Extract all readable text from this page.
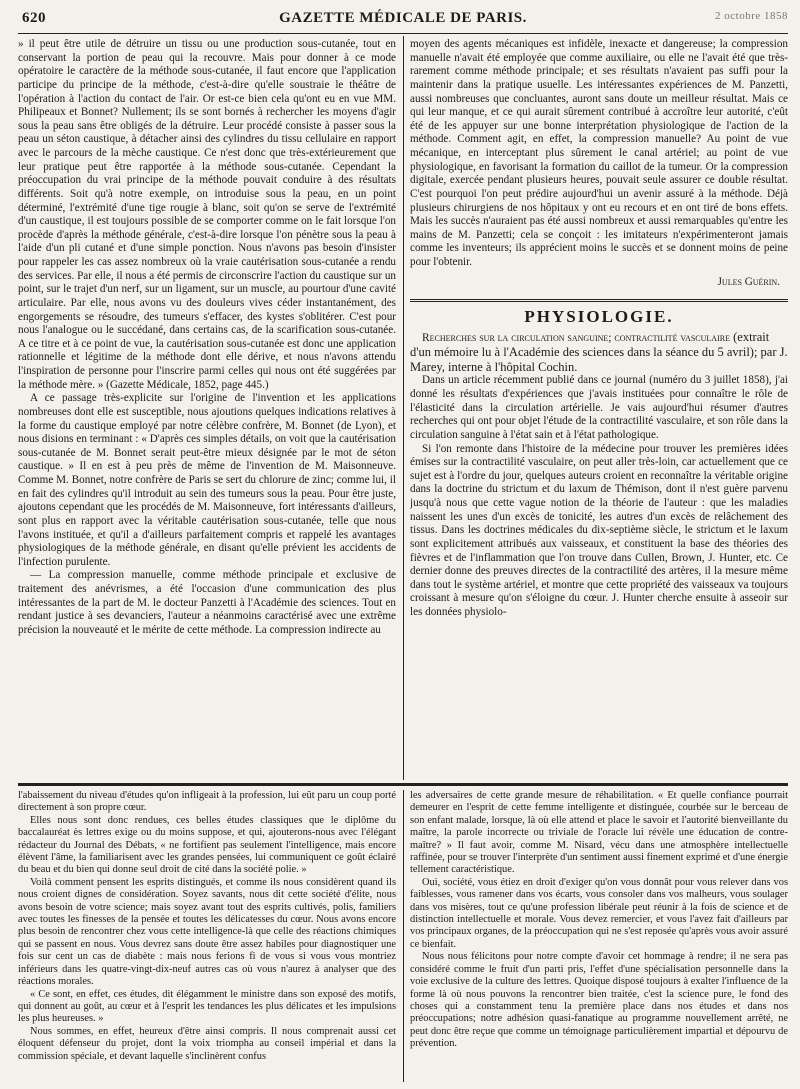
620	GAZETTE MÉDICALE DE PARIS.	2 octobre 1858

» il peut être utile de détruire un tissu ou une production sous-cutanée, tout en conservant la portion de peau qui la recouvre. Mais pour donner à ce mode opératoire le caractère de la méthode sous-cutanée, il faut encore que l'application participe du principe de la méthode, c'est-à-dire qu'elle soustraie le théâtre de l'opération à l'action du contact de l'air. Or est-ce bien cela qu'ont eu en vue MM. Philipeaux et Bonnet? Nullement; ils se sont bornés à rechercher les moyens d'agir sous la peau sans être obligés de la détruire. Leur procédé consiste à passer sous la peau un séton caustique, à détacher ainsi des cylindres du tissu cellulaire en rapport avec le parcours de la mèche caustique. Ce n'est donc que très-extérieurement que leur pratique peut être rapportée à la méthode sous-cutanée. Cependant la préoccupation du vrai principe de la méthode pouvait conduire à des résultats différents. Soit qu'à notre exemple, on introduise sous la peau, en un point déterminé, l'extrémité d'une tige rougie à blanc, soit qu'on se serve de l'extrémité d'un caustique, il est toujours possible de se comporter comme on le fait lorsque l'on procède d'après la méthode générale, c'est-à-dire lorsque l'on pénètre sous la peau à l'aide d'un pli cutané et d'une simple ponction. Nous n'avons pas besoin d'insister pour rappeler les cas assez nombreux où la vraie cautérisation sous-cutanée a rendu des services. Par elle, il nous a été permis de circonscrire l'action du caustique sur un point, sur le trajet d'un nerf, sur un ligament, sur un muscle, au pourtour d'une cavité articulaire. Par elle, nous avons vu des douleurs vives céder instantanément, des engorgements se résoudre, des tumeurs s'effacer, des kystes s'oblitérer. C'est pour nous l'analogue ou le succédané, dans certains cas, de la scarification sous-cutanée. A ce titre et à ce point de vue, la cautérisation sous-cutanée est donc une application rationnelle et légitime de la méthode dont elle dérive, et nous n'avons attendu l'inspiration de personne pour l'inscrire parmi celles qui nous ont été suggérées par la méthode mère. » (Gazette Médicale, 1852, page 445.)

A ce passage très-explicite sur l'origine de l'invention et les applications nombreuses dont elle est susceptible, nous ajoutions quelques indications relatives à la forme du caustique employé par notre célèbre confrère, M. Bonnet (de Lyon), et nous disions en terminant : « D'après ces simples détails, on voit que la cautérisation sous-cutanée de M. Bonnet serait peut-être mieux désignée par le mot de séton caustique. » Il en est à peu près de même de l'invention de M. Maisonneuve. Comme M. Bonnet, notre confrère de Paris se sert du chlorure de zinc; comme lui, il en fait des cylindres qu'il introduit au sein des tumeurs sous la peau. Pour être juste, ajoutons cependant que les procédés de M. Maisonneuve, fort intéressants d'ailleurs, sont plus en rapport avec la véritable cautérisation sous-cutanée, telle que nous l'avons instituée, et qu'il a d'ailleurs parfaitement compris et rappelé les avantages physiologiques de la méthode générale, en disant qu'elle prévient les accidents de l'infection purulente.

— La compression manuelle, comme méthode principale et exclusive de traitement des anévrismes, a été l'occasion d'une communication des plus intéressantes de la part de M. le docteur Panzetti à l'Académie des sciences. Tout en rendant justice à ses devanciers, l'auteur a néanmoins caractérisé avec une extrême précision la nouveauté et le mérite de cette méthode. La compression indirecte au

moyen des agents mécaniques est infidèle, inexacte et dangereuse; la compression manuelle n'avait été employée que comme auxiliaire, ou elle ne l'avait été que très-rarement comme méthode principale; et ses résultats n'avaient pas suffi pour la maintenir dans la pratique usuelle. Les intéressantes expériences de M. Panzetti, aussi nombreuses que concluantes, auront sans doute un meilleur résultat. Mais ce qui leur manque, et ce qui aurait sûrement contribué à accroître leur autorité, c'eût été de les appuyer sur une bonne interprétation physiologique de l'action de la méthode. Comment agit, en effet, la compression manuelle? Au point de vue mécanique, en interceptant plus sûrement le canal artériel; au point de vue physiologique, en favorisant la formation du caillot de la tumeur. Or la compression digitale, exercée pendant plusieurs heures, pouvait seule assurer ce double résultat. C'est pourquoi l'on peut prédire aujourd'hui un avenir assuré à la méthode. Déjà plusieurs chirurgiens de nos hôpitaux y ont eu recours et en ont tiré de bons effets. Mais les succès n'auraient pas été aussi nombreux et aussi remarquables qu'entre les mains de M. Panzetti; cela se conçoit : les imitateurs n'expérimenteront jamais comme les inventeurs; ils apprécient moins le succès et se donnent moins de peine pour l'obtenir.

Jules Guérin.

PHYSIOLOGIE.

Recherches sur la circulation sanguine; contractilité vasculaire (extrait d'un mémoire lu à l'Académie des sciences dans la séance du 5 avril); par J. Marey, interne à l'hôpital Cochin.

Dans un article récemment publié dans ce journal (numéro du 3 juillet 1858), j'ai donné les résultats d'expériences que j'avais instituées pour connaître le rôle de l'élasticité dans la circulation artérielle. Je vais aujourd'hui résumer d'autres recherches qui ont pour objet l'étude de la contractilité vasculaire, et son rôle dans la circulation sanguine à l'état sain et à l'état pathologique.

Si l'on remonte dans l'histoire de la médecine pour trouver les premières idées émises sur la contractilité vasculaire, on peut aller très-loin, car actuellement que ce sujet est à l'ordre du jour, quelques auteurs croient en reconnaître la véritable origine dans la doctrine du strictum et du laxum de Thémison, dont il n'est guère parvenu jusqu'à nous que cette vague notion de la théorie de l'auteur : que les maladies naissent les unes d'un excès de tonicité, les autres d'un excès de relâchement des tissus. Dans les doctrines médicales du dix-septième siècle, le strictum et le laxum sont explicitement attribués aux vaisseaux, et constituent la base des théories des fièvres et de l'inflammation que l'on trouve dans Cullen, Brown, J. Hunter, etc. Ce dernier donne des preuves directes de la contractilité des artères, il la mesure même dans tout le système artériel, et montre que cette propriété des vaisseaux va toujours croissant à mesure qu'on s'éloigne du cœur. J. Hunter cherche ensuite à asseoir sur les données physiolo-

l'abaissement du niveau d'études qu'on infligeait à la profession, lui eût paru un coup porté directement à son propre cœur.

Elles nous sont donc rendues, ces belles études classiques que le diplôme du baccalauréat ès lettres exige ou du moins suppose, et qui, ajouterons-nous avec l'élégant rédacteur du Journal des Débats, « ne fortifient pas seulement l'intelligence, mais encore élèvent l'âme, la familiarisent avec les grandes pensées, lui communiquent ce goût éclairé du beau et du bien qui donne seul droit de cité dans la société polie. »

Voilà comment pensent les esprits distingués, et comme ils nous considèrent quand ils nous croient dignes de considération. Soyez savants, nous dit cette société d'élite, nous avons besoin de votre science; mais soyez avant tout des esprits cultivés, polis, familiers avec toutes les finesses de la pensée et toutes les délicatesses du cœur. Nous avons encore plus besoin de rencontrer chez vous cette intelligence-là que celle des réactions chimiques qui se passent en nous. Vous devrez sans doute être assez habiles pour diagnostiquer une fois sur cent un cas de diabète : mais nous ferions fi de vous si vous vous montriez inférieurs dans les quatre-vingt-dix-neuf autres cas où vous n'aurez à analyser que des réactions morales.

« Ce sont, en effet, ces études, dit élégamment le ministre dans son exposé des motifs, qui donnent au goût, au cœur et à l'esprit les tendances les plus délicates et les impulsions les plus heureuses. »

Nous sommes, en effet, heureux d'être ainsi compris. Il nous comprenait aussi cet éloquent défenseur du projet, dont la voix triompha au conseil impérial et dans la commission spéciale, et devant laquelle s'inclinèrent confus

les adversaires de cette grande mesure de réhabilitation. « Et quelle confiance pourrait demeurer en l'esprit de cette femme intelligente et distinguée, courbée sur le berceau de son enfant malade, lorsque, là où elle attend et place le savoir et l'autorité bienveillante du maître, la parole incorrecte ou triviale de l'oracle lui révèle une éducation de contre-maître? » Il faut avoir, comme M. Nisard, vécu dans une atmosphère intellectuelle raffinée, pour se trouver l'interprète d'un sentiment aussi finement exprimé et d'une énergie tellement caractéristique.

Oui, société, vous étiez en droit d'exiger qu'on vous donnât pour vous relever dans vos faiblesses, vous ramener dans vos écarts, vous consoler dans vos malheurs, vous soulager dans vos misères, tout ce qu'une profession libérale peut réunir à la fois de science et de distinction intellectuelle et morale. Vous devez remercier, et vous l'avez fait d'ailleurs par vos principaux organes, de la préoccupation qui ne s'est reposée qu'après vous avoir assuré ce bienfait.

Nous nous félicitons pour notre compte d'avoir cet hommage à rendre; il ne sera pas considéré comme le fruit d'un parti pris, l'effet d'une spécialisation personnelle dans la voie exclusive de la culture des lettres. Quoique disposé toujours à exalter l'influence de la forme là où nous pouvons la rencontrer bien traitée, c'est la science pure, le fond des choses qui a constamment tenu la première place dans nos études et dans nos préoccupations; notre adhésion quasi-fanatique au programme nouvellement arrêté, ne peut donc être reçue que comme un témoignage particulièrement impartial et dépourvu de prévention.
